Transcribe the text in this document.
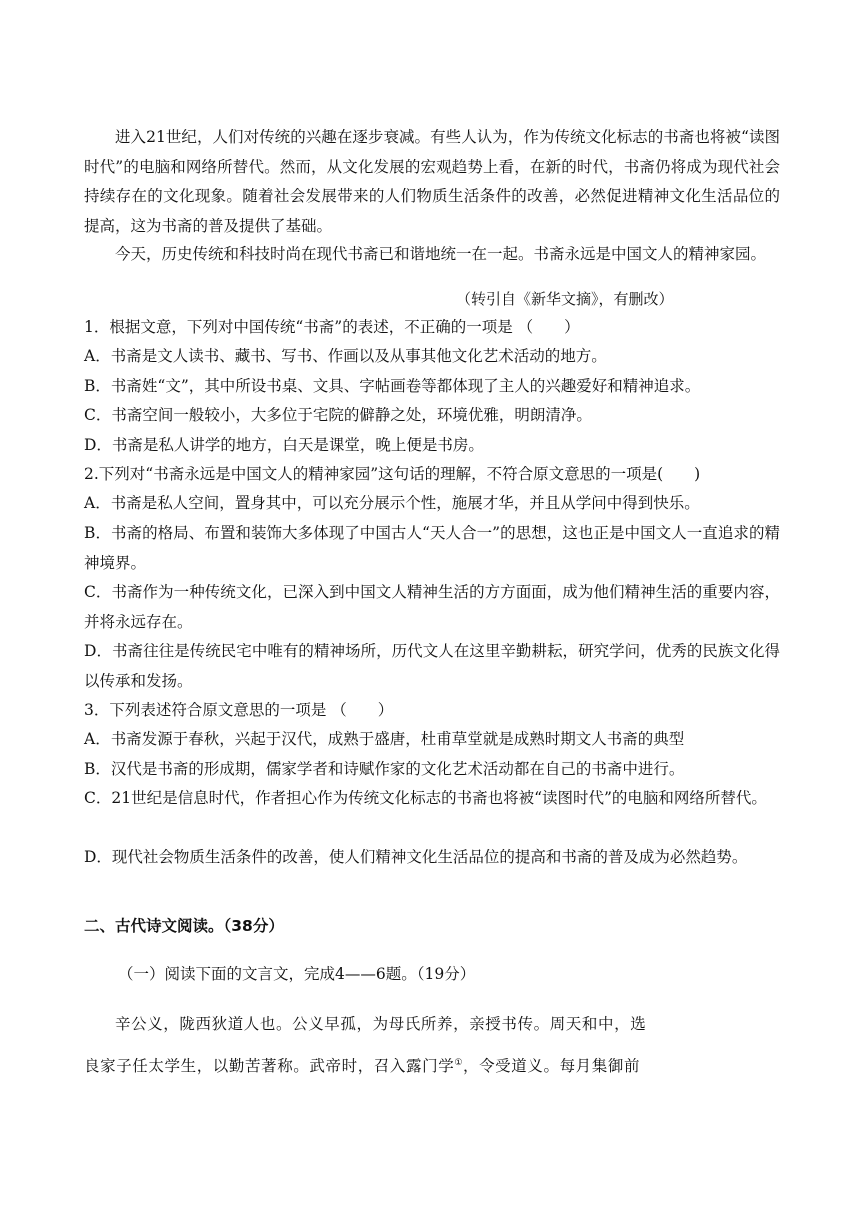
进入21世纪，人们对传统的兴趣在逐步衰减。有些人认为，作为传统文化标志的书斋也将被“读图时代”的电脑和网络所替代。然而，从文化发展的宏观趋势上看，在新的时代，书斋仍将成为现代社会持续存在的文化现象。随着社会发展带来的人们物质生活条件的改善，必然促进精神文化生活品位的提高，这为书斋的普及提供了基础。

今天，历史传统和科技时尚在现代书斋已和谐地统一在一起。书斋永远是中国文人的精神家园。

（转引自《新华文摘》，有删改）

1．根据文意，下列对中国传统“书斋”的表述，不正确的一项是 （　　）

A．书斋是文人读书、藏书、写书、作画以及从事其他文化艺术活动的地方。

B．书斋姓“文”，其中所设书桌、文具、字帖画卷等都体现了主人的兴趣爱好和精神追求。

C．书斋空间一般较小，大多位于宅院的僻静之处，环境优雅，明朗清净。

D．书斋是私人讲学的地方，白天是课堂，晚上便是书房。

2.下列对“书斋永远是中国文人的精神家园”这句话的理解，不符合原文意思的一项是(　　)

A．书斋是私人空间，置身其中，可以充分展示个性，施展才华，并且从学问中得到快乐。

B．书斋的格局、布置和装饰大多体现了中国古人“天人合一”的思想，这也正是中国文人一直追求的精神境界。

C．书斋作为一种传统文化，已深入到中国文人精神生活的方方面面，成为他们精神生活的重要内容，并将永远存在。

D．书斋往往是传统民宅中唯有的精神场所，历代文人在这里辛勤耕耘，研究学问，优秀的民族文化得以传承和发扬。

3．下列表述符合原文意思的一项是 （　　）

A．书斋发源于春秋，兴起于汉代，成熟于盛唐，杜甫草堂就是成熟时期文人书斋的典型

B．汉代是书斋的形成期，儒家学者和诗赋作家的文化艺术活动都在自己的书斋中进行。

C．21世纪是信息时代，作者担心作为传统文化标志的书斋也将被“读图时代”的电脑和网络所替代。

D．现代社会物质生活条件的改善，使人们精神文化生活品位的提高和书斋的普及成为必然趋势。

二、古代诗文阅读。（38分）

（一）阅读下面的文言文，完成4——6题。（19分）

辛公义，陇西狄道人也。公义早孤，为母氏所养，亲授书传。周天和中，选

良家子任太学生，以勤苦著称。武帝时，召入露门学①，令受道义。每月集御前
